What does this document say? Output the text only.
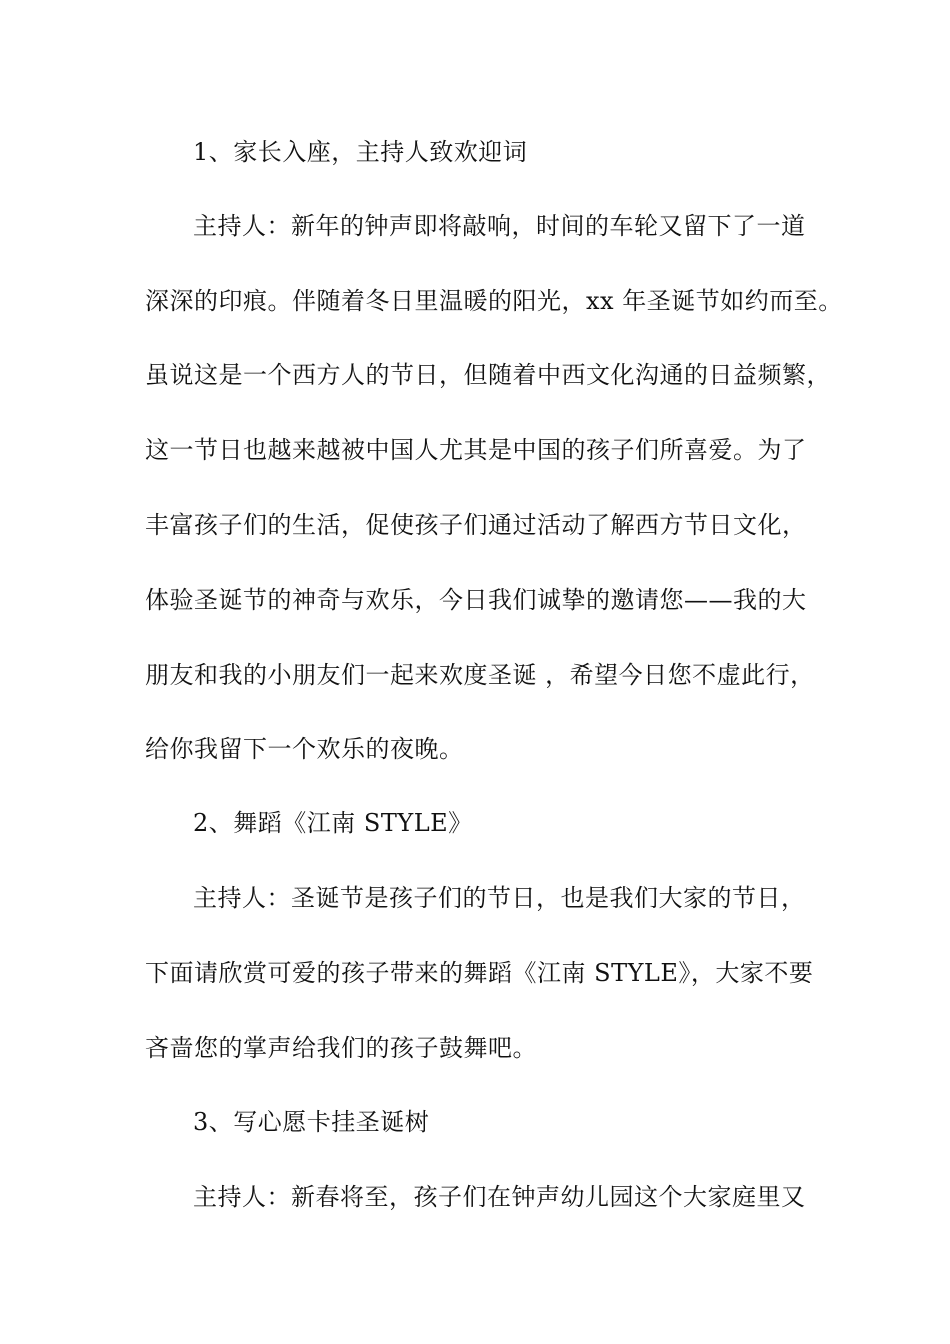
1、家长入座，主持人致欢迎词
主持人：新年的钟声即将敲响，时间的车轮又留下了一道
深深的印痕。伴随着冬日里温暖的阳光，xx 年圣诞节如约而至。
虽说这是一个西方人的节日，但随着中西文化沟通的日益频繁，
这一节日也越来越被中国人尤其是中国的孩子们所喜爱。为了
丰富孩子们的生活，促使孩子们通过活动了解西方节日文化，
体验圣诞节的神奇与欢乐，今日我们诚挚的邀请您——我的大
朋友和我的小朋友们一起来欢度圣诞 ，希望今日您不虚此行，
给你我留下一个欢乐的夜晚。
2、舞蹈《江南 STYLE》
主持人：圣诞节是孩子们的节日，也是我们大家的节日，
下面请欣赏可爱的孩子带来的舞蹈《江南 STYLE》，大家不要
吝啬您的掌声给我们的孩子鼓舞吧。
3、写心愿卡挂圣诞树
主持人：新春将至，孩子们在钟声幼儿园这个大家庭里又
